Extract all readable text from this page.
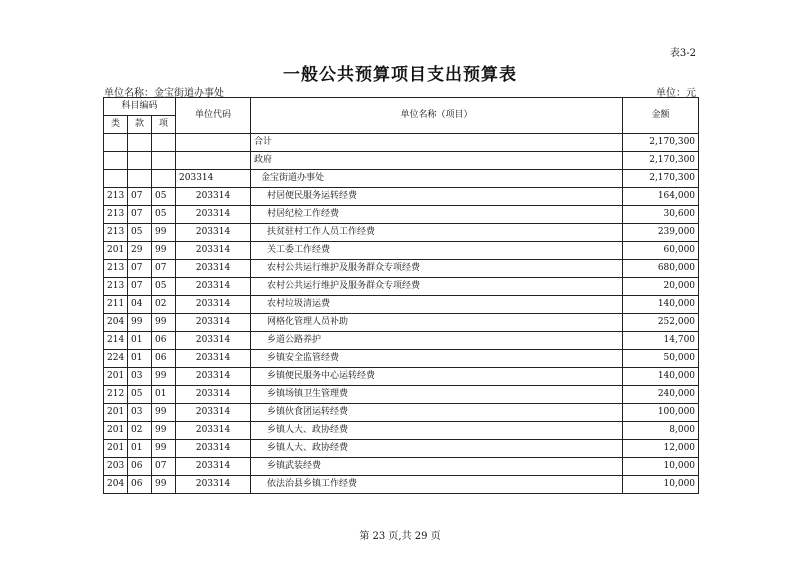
表3-2
一般公共预算项目支出预算表
单位名称：金宝街道办事处	单位：元
科目编码			单位代码	单位名称（项目）	金额
类	款	项			
				合计	2,170,300
				政府	2,170,300
			203314	金宝街道办事处	2,170,300
213	07	05	203314	村居便民服务运转经费	164,000
213	07	05	203314	村居纪检工作经费	30,600
213	05	99	203314	扶贫驻村工作人员工作经费	239,000
201	29	99	203314	关工委工作经费	60,000
213	07	07	203314	农村公共运行维护及服务群众专项经费	680,000
213	07	05	203314	农村公共运行维护及服务群众专项经费	20,000
211	04	02	203314	农村垃圾清运费	140,000
204	99	99	203314	网格化管理人员补助	252,000
214	01	06	203314	乡道公路养护	14,700
224	01	06	203314	乡镇安全监管经费	50,000
201	03	99	203314	乡镇便民服务中心运转经费	140,000
212	05	01	203314	乡镇场镇卫生管理费	240,000
201	03	99	203314	乡镇伙食团运转经费	100,000
201	02	99	203314	乡镇人大、政协经费	8,000
201	01	99	203314	乡镇人大、政协经费	12,000
203	06	07	203314	乡镇武装经费	10,000
204	06	99	203314	依法治县乡镇工作经费	10,000
第 23 页,共 29 页
